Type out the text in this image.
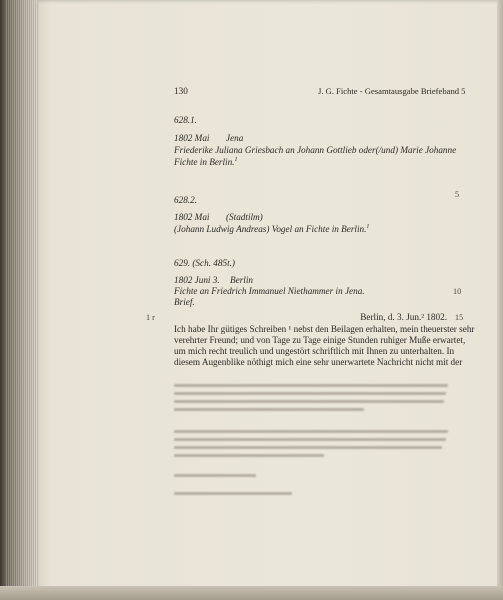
130	J. G. Fichte - Gesamtausgabe Briefeband 5

628.1.

1802 Mai Jena

Friederike Juliana Griesbach an Johann Gottlieb oder(/und) Marie Johanne

Fichte in Berlin.$^1$

628.2.

1802 Mai (Stadtilm)

(Johann Ludwig Andreas) Vogel an Fichte in Berlin.$^1$

629. (Sch. 485t.)

1802 Juni 3. Berlin

Fichte an Friedrich Immanuel Niethammer in Jena.

Brief.

1 r	Berlin, d. 3. Jun.² 1802.

Ich habe Ihr gütiges Schreiben ¹ nebst den Beilagen erhalten, mein theuerster sehr

verehrter Freund; und von Tage zu Tage einige Stunden ruhiger Muße erwartet,

um mich recht treulich und ungestört schriftlich mit Ihnen zu unterhalten. In

diesem Augenblike nöthigt mich eine sehr unerwartete Nachricht nicht mit der

5

10

15
